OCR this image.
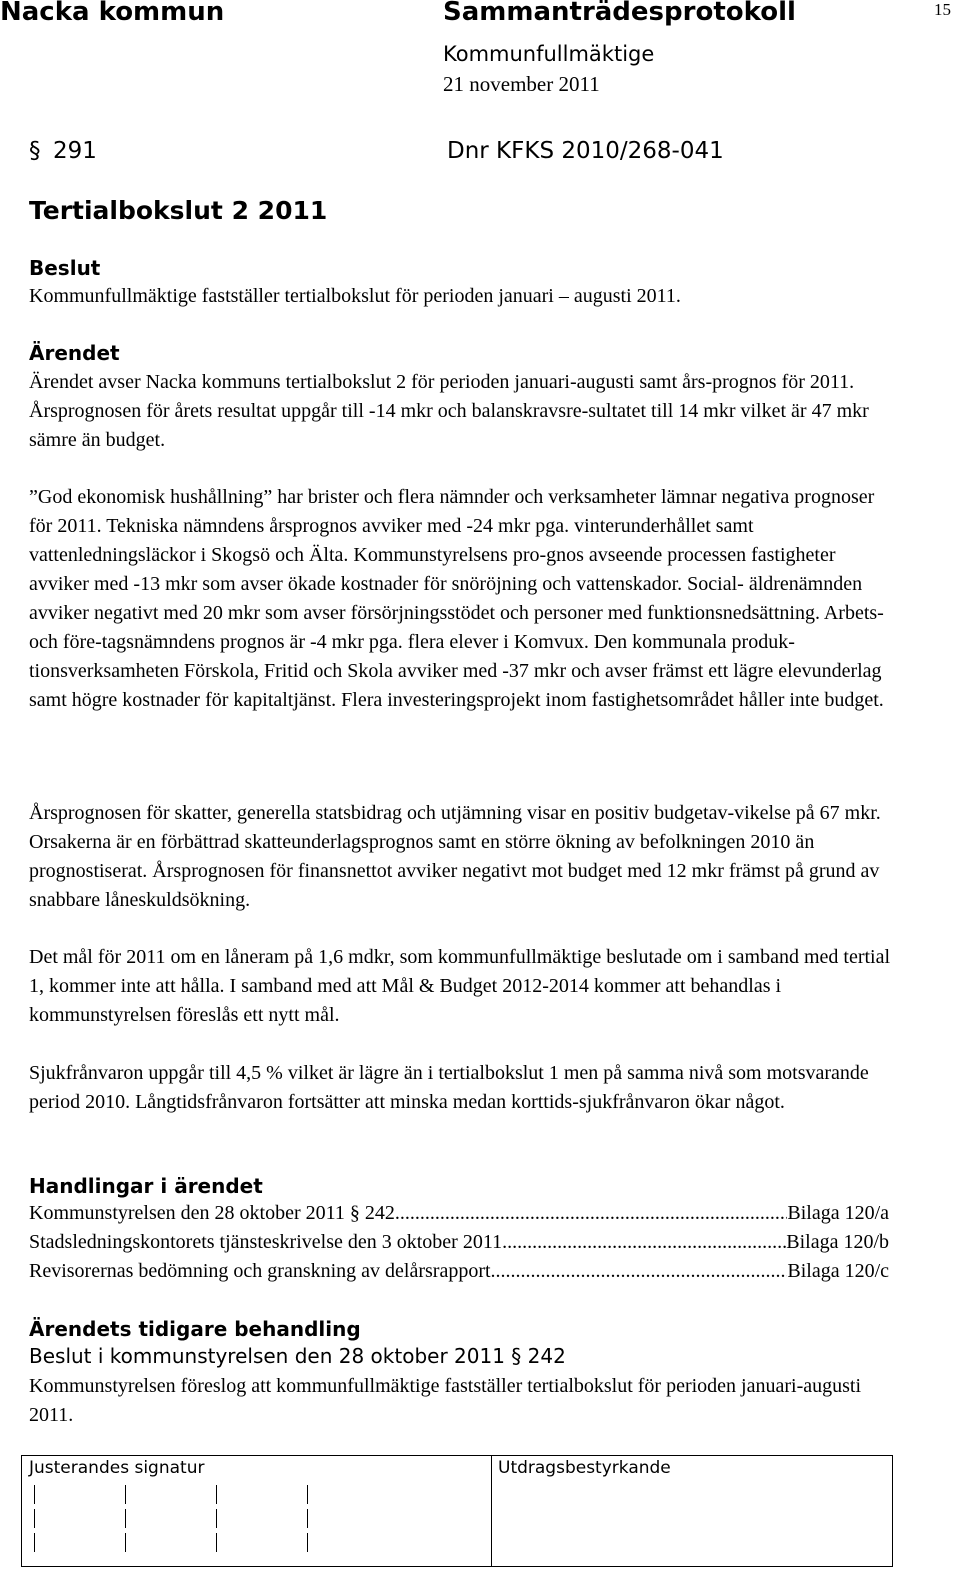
Nacka kommun	Sammanträdesprotokoll	15
Kommunfullmäktige
21 november 2011
§ 291	Dnr KFKS 2010/268-041
Tertialbokslut 2 2011
Beslut
Kommunfullmäktige fastställer tertialbokslut för perioden januari – augusti 2011.
Ärendet
Ärendet avser Nacka kommuns tertialbokslut 2 för perioden januari-augusti samt års-prognos för 2011. Årsprognosen för årets resultat uppgår till -14 mkr och balanskravsre-sultatet till 14 mkr vilket är 47 mkr sämre än budget.
”God ekonomisk hushållning” har brister och flera nämnder och verksamheter lämnar negativa prognoser för 2011. Tekniska nämndens årsprognos avviker med -24 mkr pga. vinterunderhållet samt vattenledningsläckor i Skogsö och Älta. Kommunstyrelsens pro-gnos avseende processen fastigheter avviker med -13 mkr som avser ökade kostnader för snöröjning och vattenskador. Social- äldrenämnden avviker negativt med 20 mkr som avser försörjningsstödet och personer med funktionsnedsättning. Arbets- och före-tagsnämndens prognos är -4 mkr pga. flera elever i Komvux. Den kommunala produk-tionsverksamheten Förskola, Fritid och Skola avviker med -37 mkr och avser främst ett lägre elevunderlag samt högre kostnader för kapitaltjänst. Flera investeringsprojekt inom fastighetsområdet håller inte budget.
Årsprognosen för skatter, generella statsbidrag och utjämning visar en positiv budgetav-vikelse på 67 mkr. Orsakerna är en förbättrad skatteunderlagsprognos samt en större ökning av befolkningen 2010 än prognostiserat. Årsprognosen för finansnettot avviker negativt mot budget med 12 mkr främst på grund av snabbare låneskuldsökning.
Det mål för 2011 om en låneram på 1,6 mdkr, som kommunfullmäktige beslutade om i samband med tertial 1, kommer inte att hålla. I samband med att Mål & Budget 2012-2014 kommer att behandlas i kommunstyrelsen föreslås ett nytt mål.
Sjukfrånvaron uppgår till 4,5 % vilket är lägre än i tertialbokslut 1 men på samma nivå som motsvarande period 2010. Långtidsfrånvaron fortsätter att minska medan korttids-sjukfrånvaron ökar något.
Handlingar i ärendet
Kommunstyrelsen den 28 oktober 2011 § 242 .....	Bilaga 120/a
Stadsledningskontorets tjänsteskrivelse den 3 oktober 2011 .....	Bilaga 120/b
Revisorernas bedömning och granskning av delårsrapport .....	Bilaga 120/c
Ärendets tidigare behandling
Beslut i kommunstyrelsen den 28 oktober 2011 § 242
Kommunstyrelsen föreslog att kommunfullmäktige fastställer tertialbokslut för perioden januari-augusti 2011.
Justerandes signatur	Utdragsbestyrkande
